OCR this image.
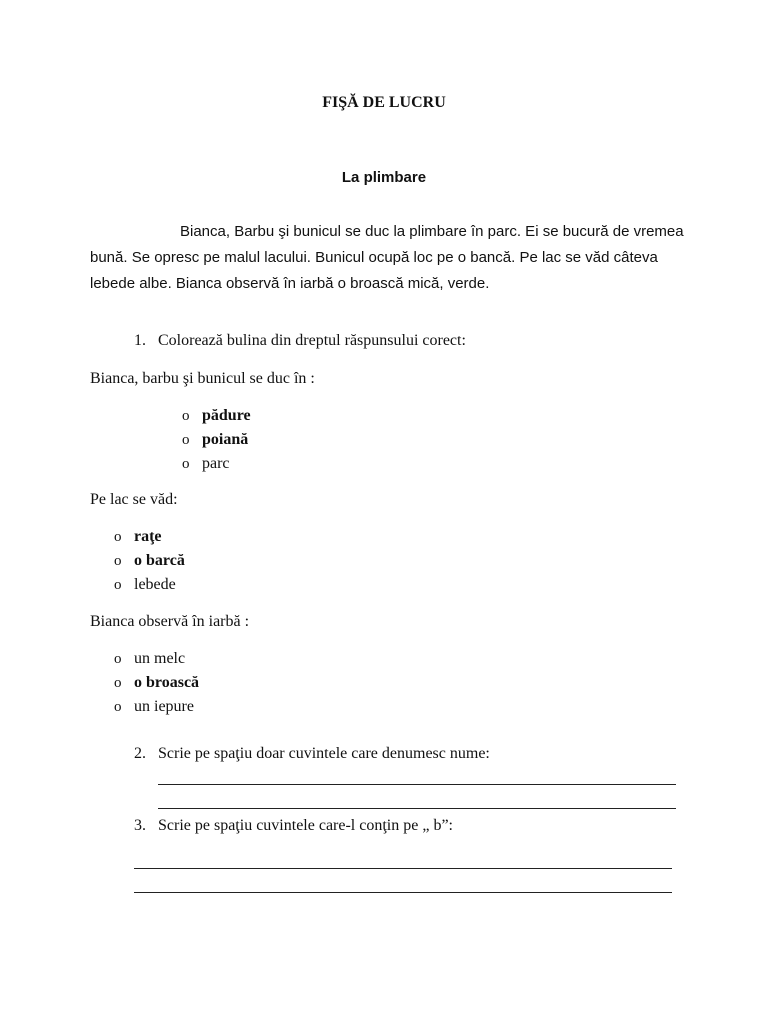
FIŞĂ DE LUCRU
La plimbare
Bianca, Barbu şi bunicul se duc la plimbare în parc. Ei se bucură de vremea bună. Se opresc pe malul lacului. Bunicul ocupă loc pe o bancă. Pe lac se văd câteva lebede albe. Bianca observă în iarbă o broască mică, verde.
1. Colorează bulina din dreptul răspunsului corect:
Bianca, barbu şi bunicul se duc în :
o pădure
o poiană
o parc
Pe lac se văd:
o raţe
o o barcă
o lebede
Bianca observă în iarbă :
o un melc
o o broască
o un iepure
2. Scrie pe spaţiu doar cuvintele care denumesc nume:
3. Scrie pe spaţiu cuvintele care-l conţin pe „ b”:
